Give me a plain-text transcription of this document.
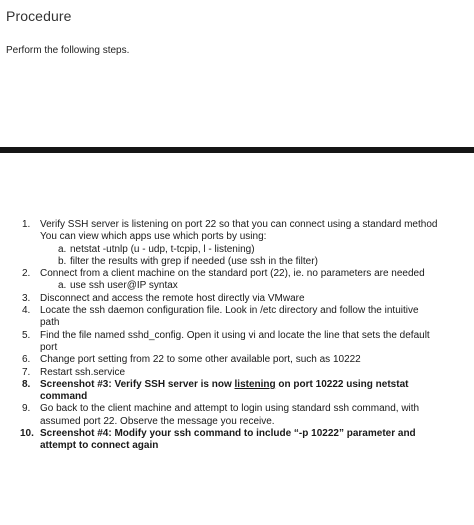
Procedure
Perform the following steps.
1. Verify SSH server is listening on port 22 so that you can connect using a standard method
You can view which apps use which ports by using:
a. netstat -utnlp (u - udp, t-tcpip, l - listening)
b. filter the results with grep if needed (use ssh in the filter)
2. Connect from a client machine on the standard port (22), ie. no parameters are needed
a. use ssh user@IP syntax
3. Disconnect and access the remote host directly via VMware
4. Locate the ssh daemon configuration file. Look in /etc directory and follow the intuitive path
5. Find the file named sshd_config. Open it using vi and locate the line that sets the default port
6. Change port setting from 22 to some other available port, such as 10222
7. Restart ssh.service
8. Screenshot #3: Verify SSH server is now listening on port 10222 using netstat command
9. Go back to the client machine and attempt to login using standard ssh command, with assumed port 22. Observe the message you receive.
10. Screenshot #4: Modify your ssh command to include “-p 10222” parameter and attempt to connect again
